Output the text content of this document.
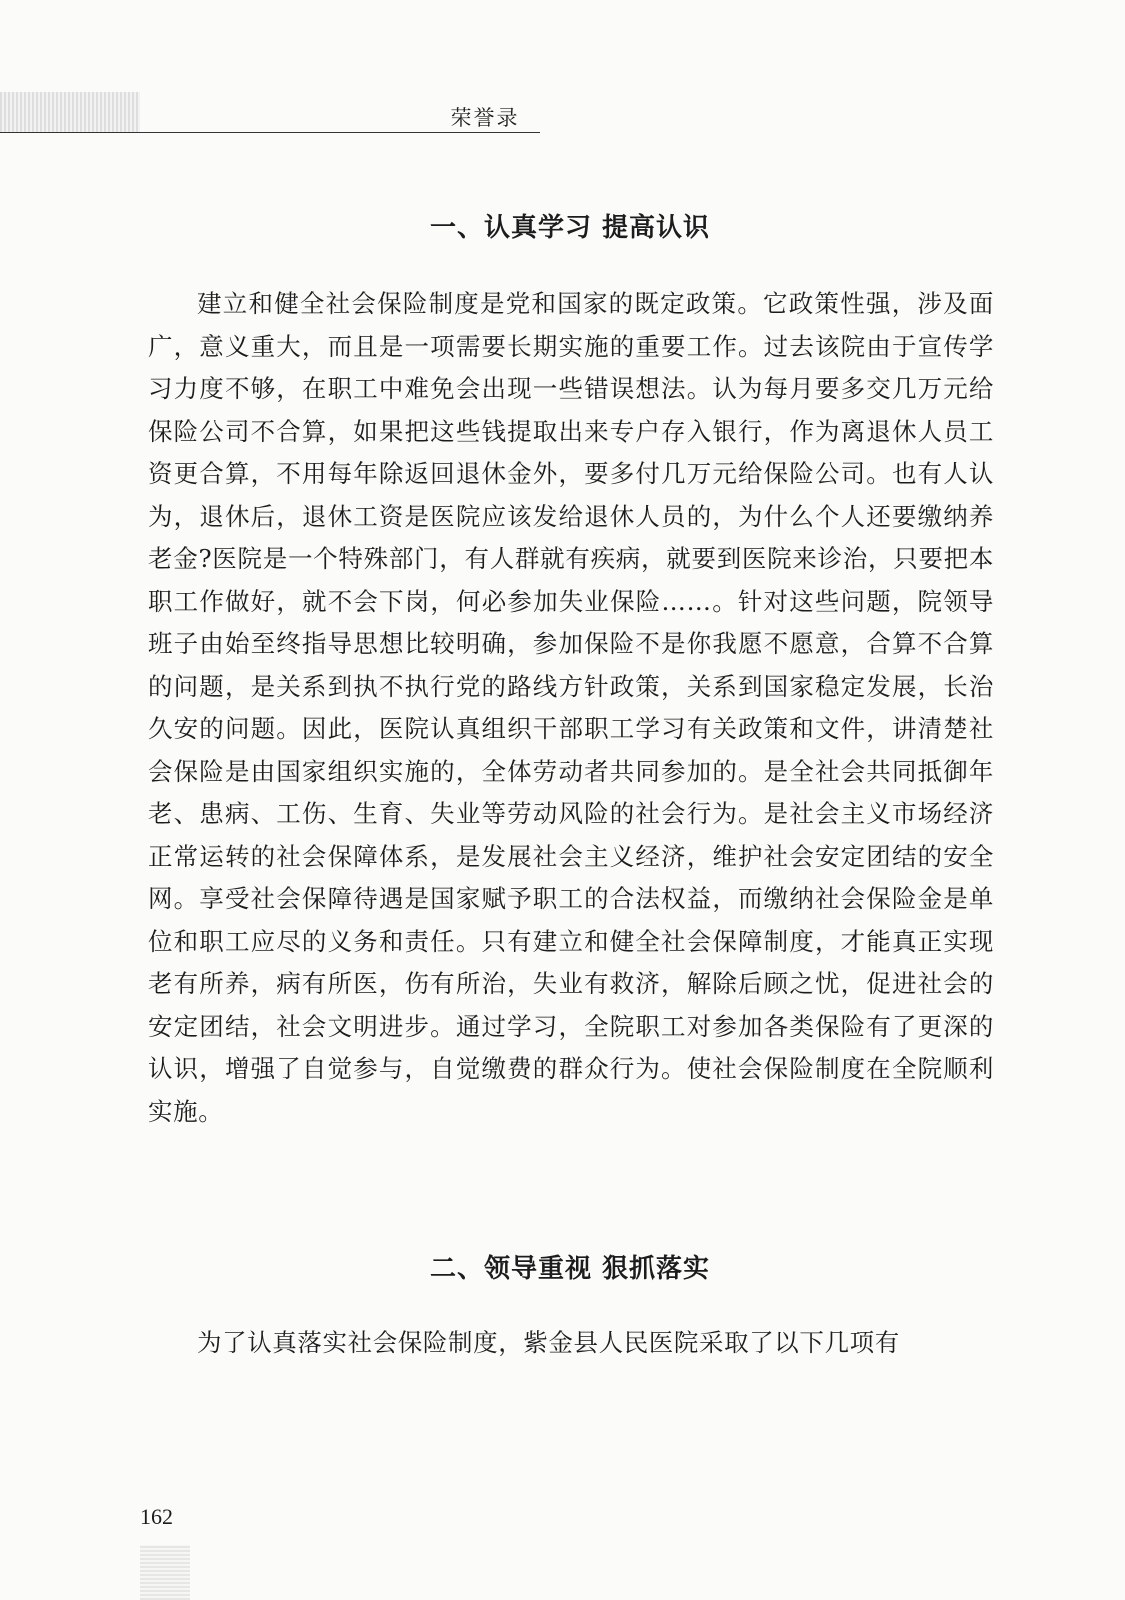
荣誉录
一、认真学习 提高认识

建立和健全社会保险制度是党和国家的既定政策。它政策性强，涉及面广，意义重大，而且是一项需要长期实施的重要工作。过去该院由于宣传学习力度不够，在职工中难免会出现一些错误想法。认为每月要多交几万元给保险公司不合算，如果把这些钱提取出来专户存入银行，作为离退休人员工资更合算，不用每年除返回退休金外，要多付几万元给保险公司。也有人认为，退休后，退休工资是医院应该发给退休人员的，为什么个人还要缴纳养老金?医院是一个特殊部门，有人群就有疾病，就要到医院来诊治，只要把本职工作做好，就不会下岗，何必参加失业保险……。针对这些问题，院领导班子由始至终指导思想比较明确，参加保险不是你我愿不愿意，合算不合算的问题，是关系到执不执行党的路线方针政策，关系到国家稳定发展，长治久安的问题。因此，医院认真组织干部职工学习有关政策和文件，讲清楚社会保险是由国家组织实施的，全体劳动者共同参加的。是全社会共同抵御年老、患病、工伤、生育、失业等劳动风险的社会行为。是社会主义市场经济正常运转的社会保障体系，是发展社会主义经济，维护社会安定团结的安全网。享受社会保障待遇是国家赋予职工的合法权益，而缴纳社会保险金是单位和职工应尽的义务和责任。只有建立和健全社会保障制度，才能真正实现老有所养，病有所医，伤有所治，失业有救济，解除后顾之忧，促进社会的安定团结，社会文明进步。通过学习，全院职工对参加各类保险有了更深的认识，增强了自觉参与，自觉缴费的群众行为。使社会保险制度在全院顺利实施。

二、领导重视 狠抓落实

为了认真落实社会保险制度，紫金县人民医院采取了以下几项有

162
